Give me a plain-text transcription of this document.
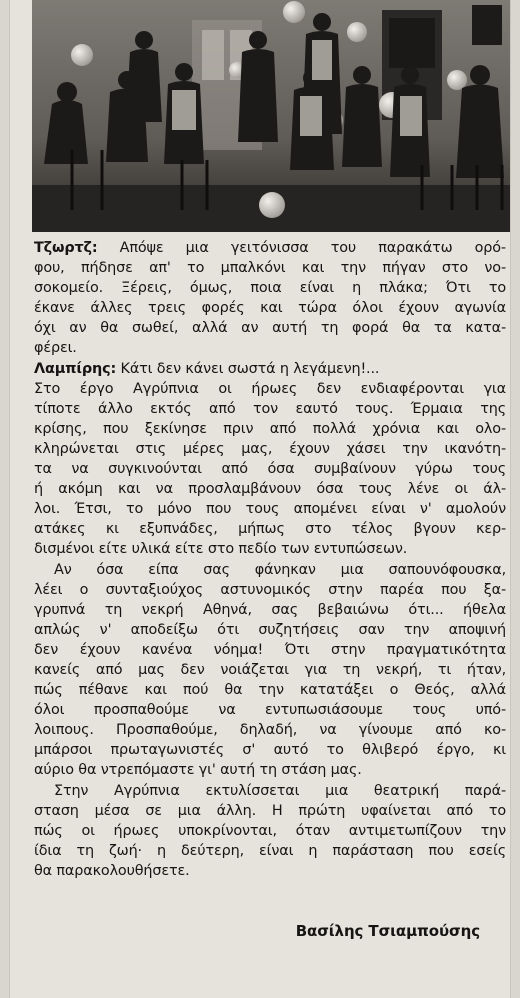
Τζωρτζ: Απόψε μια γειτόνισσα του παρακάτω ορό-
φου, πήδησε απ' το μπαλκόνι και την πήγαν στο νο-
σοκομείο. Ξέρεις, όμως, ποια είναι η πλάκα; Ότι το
έκανε άλλες τρεις φορές και τώρα όλοι έχουν αγωνία
όχι αν θα σωθεί, αλλά αν αυτή τη φορά θα τα κατα-
φέρει.

Λαμπίρης: Κάτι δεν κάνει σωστά η λεγάμενη!...

Στο έργο Αγρύπνια οι ήρωες δεν ενδιαφέρονται για
τίποτε άλλο εκτός από τον εαυτό τους. Έρμαια της
κρίσης, που ξεκίνησε πριν από πολλά χρόνια και ολο-
κληρώνεται στις μέρες μας, έχουν χάσει την ικανότη-
τα να συγκινούνται από όσα συμβαίνουν γύρω τους
ή ακόμη και να προσλαμβάνουν όσα τους λένε οι άλ-
λοι. Έτσι, το μόνο που τους απομένει είναι ν' αμολούν
ατάκες κι εξυπνάδες, μήπως στο τέλος βγουν κερ-
δισμένοι είτε υλικά είτε στο πεδίο των εντυπώσεων.

Αν όσα είπα σας φάνηκαν μια σαπουνόφουσκα,
λέει ο συνταξιούχος αστυνομικός στην παρέα που ξα-
γρυπνά τη νεκρή Αθηνά, σας βεβαιώνω ότι... ήθελα
απλώς ν' αποδείξω ότι συζητήσεις σαν την αποψινή
δεν έχουν κανένα νόημα! Ότι στην πραγματικότητα
κανείς από μας δεν νοιάζεται για τη νεκρή, τι ήταν,
πώς πέθανε και πού θα την κατατάξει ο Θεός, αλλά
όλοι προσπαθούμε να εντυπωσιάσουμε τους υπό-
λοιπους. Προσπαθούμε, δηλαδή, να γίνουμε από κο-
μπάρσοι πρωταγωνιστές σ' αυτό το θλιβερό έργο, κι
αύριο θα ντρεπόμαστε γι' αυτή τη στάση μας.

Στην Αγρύπνια εκτυλίσσεται μια θεατρική παρά-
σταση μέσα σε μια άλλη. Η πρώτη υφαίνεται από το
πώς οι ήρωες υποκρίνονται, όταν αντιμετωπίζουν την
ίδια τη ζωή· η δεύτερη, είναι η παράσταση που εσείς
θα παρακολουθήσετε.

Βασίλης Τσιαμπούσης
